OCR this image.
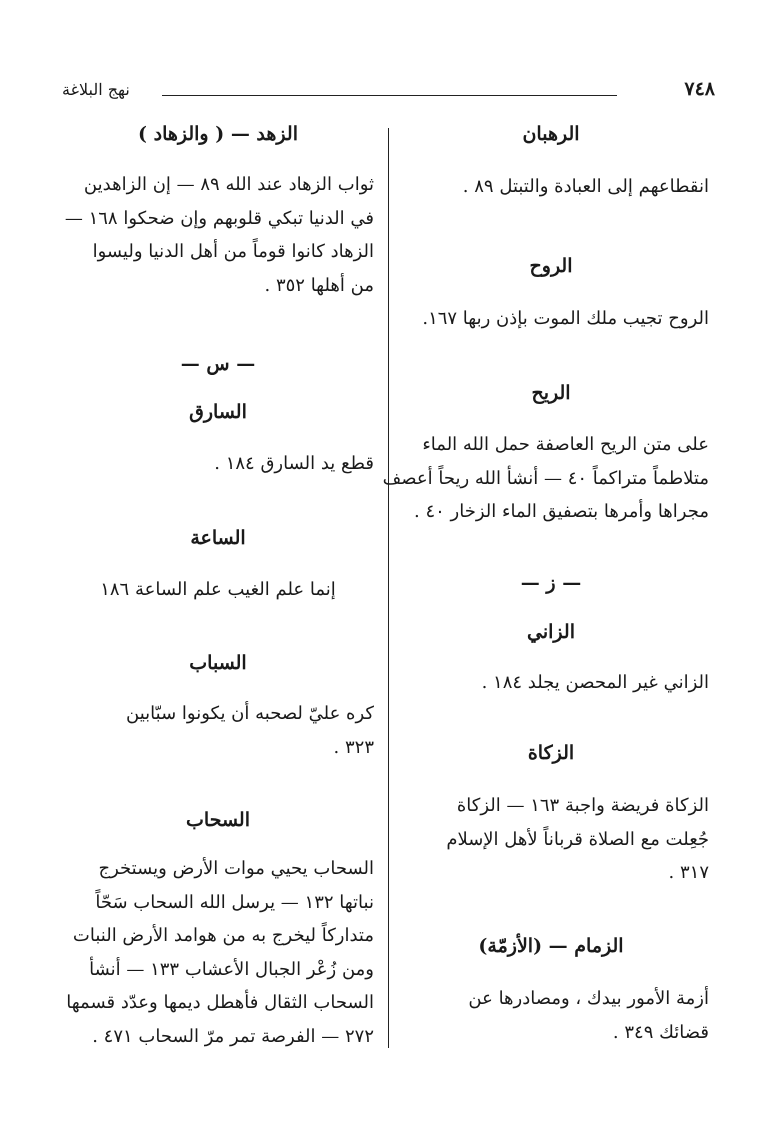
٧٤٨
نهج البلاغة
الرهبان
انقطاعهم إلى العبادة والتبتل ٨٩ .
الروح
الروح تجيب ملك الموت بإذن ربها ١٦٧.
الريح
على متن الريح العاصفة حمل الله الماء
متلاطماً متراكماً ٤٠ — أنشأ الله ريحاً أعصف
مجراها وأمرها بتصفيق الماء الزخار ٤٠ .
— ز —
الزاني
الزاني غير المحصن يجلد ١٨٤ .
الزكاة
الزكاة فريضة واجبة ١٦٣ — الزكاة
جُعِلت مع الصلاة قرباناً لأهل الإسلام
٣١٧ .
الزمام — (الأزمّة)
أزمة الأمور بيدك ، ومصادرها عن
قضائك ٣٤٩ .
الزهد — ( والزهاد )
ثواب الزهاد عند الله ٨٩ — إن الزاهدين
في الدنيا تبكي قلوبهم وإن ضحكوا ١٦٨ —
الزهاد كانوا قوماً من أهل الدنيا وليسوا
من أهلها ٣٥٢ .
— س —
السارق
قطع يد السارق ١٨٤ .
الساعة
إنما علم الغيب علم الساعة ١٨٦
السباب
كره عليّ لصحبه أن يكونوا سبّابين
٣٢٣ .
السحاب
السحاب يحيي موات الأرض ويستخرج
نباتها ١٣٢ — يرسل الله السحاب سَحّاً
متداركاً ليخرج به من هوامد الأرض النبات
ومن زُعْر الجبال الأعشاب ١٣٣ — أنشأ
السحاب الثقال فأهطل ديمها وعدّد قسمها
٢٧٢ — الفرصة تمر مرّ السحاب ٤٧١ .
